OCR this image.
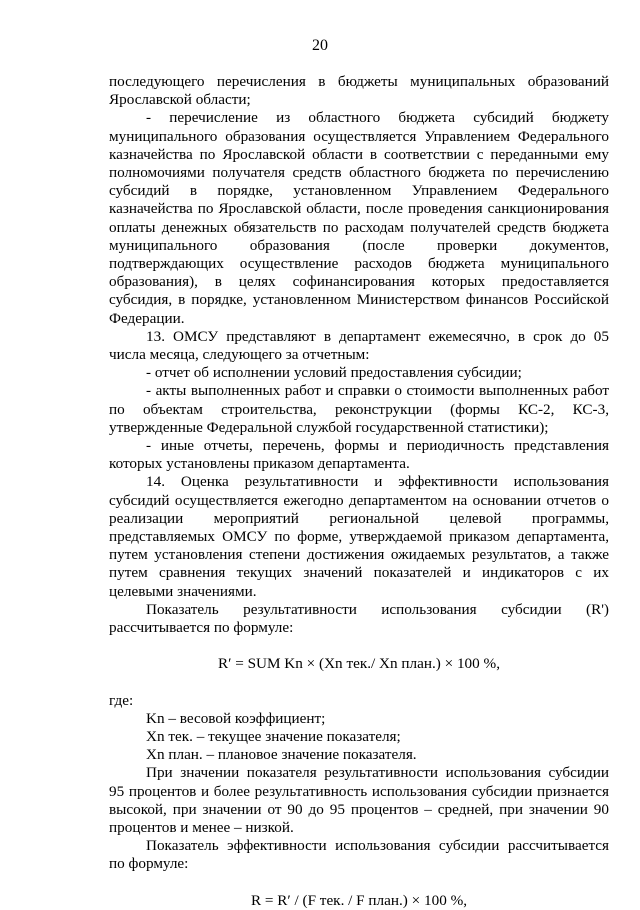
20

последующего перечисления в бюджеты муниципальных образований Ярославской области;

- перечисление из областного бюджета субсидий бюджету муниципального образования осуществляется Управлением Федерального казначейства по Ярославской области в соответствии с переданными ему полномочиями получателя средств областного бюджета по перечислению субсидий в порядке, установленном Управлением Федерального казначейства по Ярославской области, после проведения санкционирования оплаты денежных обязательств по расходам получателей средств бюджета муниципального образования (после проверки документов, подтверждающих осуществление расходов бюджета муниципального образования), в целях софинансирования которых предоставляется субсидия, в порядке, установленном Министерством финансов Российской Федерации.

13. ОМСУ представляют в департамент ежемесячно, в срок до 05 числа месяца, следующего за отчетным:

- отчет об исполнении условий предоставления субсидии;

- акты выполненных работ и справки о стоимости выполненных работ по объектам строительства, реконструкции (формы КС-2, КС-3, утвержденные Федеральной службой государственной статистики);

- иные отчеты, перечень, формы и периодичность представления которых установлены приказом департамента.

14. Оценка результативности и эффективности использования субсидий осуществляется ежегодно департаментом на основании отчетов о реализации мероприятий региональной целевой программы, представляемых ОМСУ по форме, утверждаемой приказом департамента, путем установления степени достижения ожидаемых результатов, а также путем сравнения текущих значений показателей и индикаторов с их целевыми значениями.

Показатель результативности использования субсидии (R') рассчитывается по формуле:

R′ = SUM Kn × (Xn тек./ Xn план.) × 100 %,

где:

Kn – весовой коэффициент;

Xn тек. – текущее значение показателя;

Xn план. – плановое значение показателя.

При значении показателя результативности использования субсидии 95 процентов и более результативность использования субсидии признается высокой, при значении от 90 до 95 процентов – средней, при значении 90 процентов и менее – низкой.

Показатель эффективности использования субсидии рассчитывается по формуле:

R = R′ / (F тек. / F план.) × 100 %,
